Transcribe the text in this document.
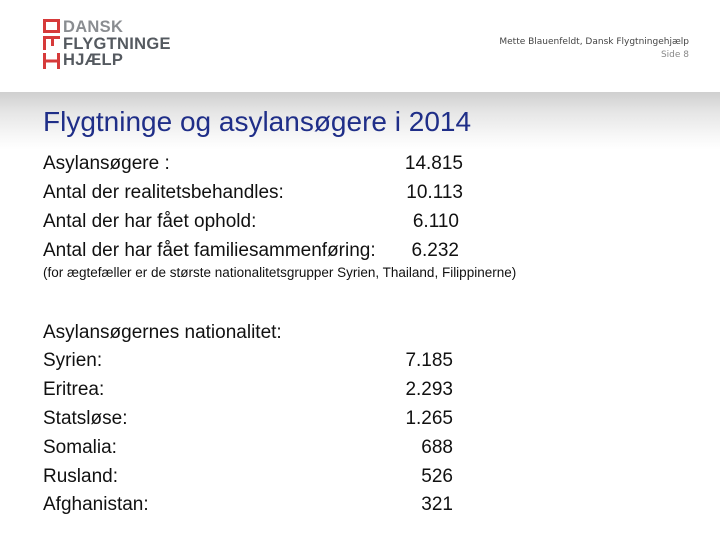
DANSK
FLYGTNINGE
HJÆLP
Mette Blauenfeldt, Dansk Flygtningehjælp
Side 8
Flygtninge og asylansøgere i 2014
Asylansøgere :	14.815
Antal der realitetsbehandles:	10.113
Antal der har fået ophold:	6.110
Antal der har fået familiesammenføring:	6.232
(for ægtefæller er de største nationalitetsgrupper Syrien, Thailand, Filippinerne)
Asylansøgernes nationalitet:
Syrien:	7.185
Eritrea:	2.293
Statsløse:	1.265
Somalia:	688
Rusland:	526
Afghanistan:	321
